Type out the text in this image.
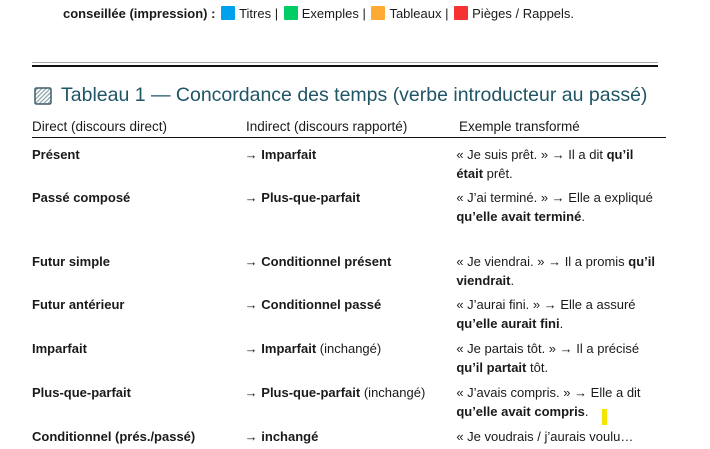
conseillée (impression) : Titres | Exemples | Tableaux | Pièges / Rappels.
Tableau 1 — Concordance des temps (verbe introducteur au passé)
Direct (discours direct)	Indirect (discours rapporté)	Exemple transformé
Présent	→ Imparfait	« Je suis prêt. » → Il a dit qu’il était prêt.
Passé composé	→ Plus-que-parfait	« J’ai terminé. » → Elle a expliqué qu’elle avait terminé.
Futur simple	→ Conditionnel présent	« Je viendrai. » → Il a promis qu’il viendrait.
Futur antérieur	→ Conditionnel passé	« J’aurai fini. » → Elle a assuré qu’elle aurait fini.
Imparfait	→ Imparfait (inchangé)	« Je partais tôt. » → Il a précisé qu’il partait tôt.
Plus-que-parfait	→ Plus-que-parfait (inchangé)	« J’avais compris. » → Elle a dit qu’elle avait compris.
Conditionnel (prés./passé)	→ inchangé	« Je voudrais / j’aurais voulu…
